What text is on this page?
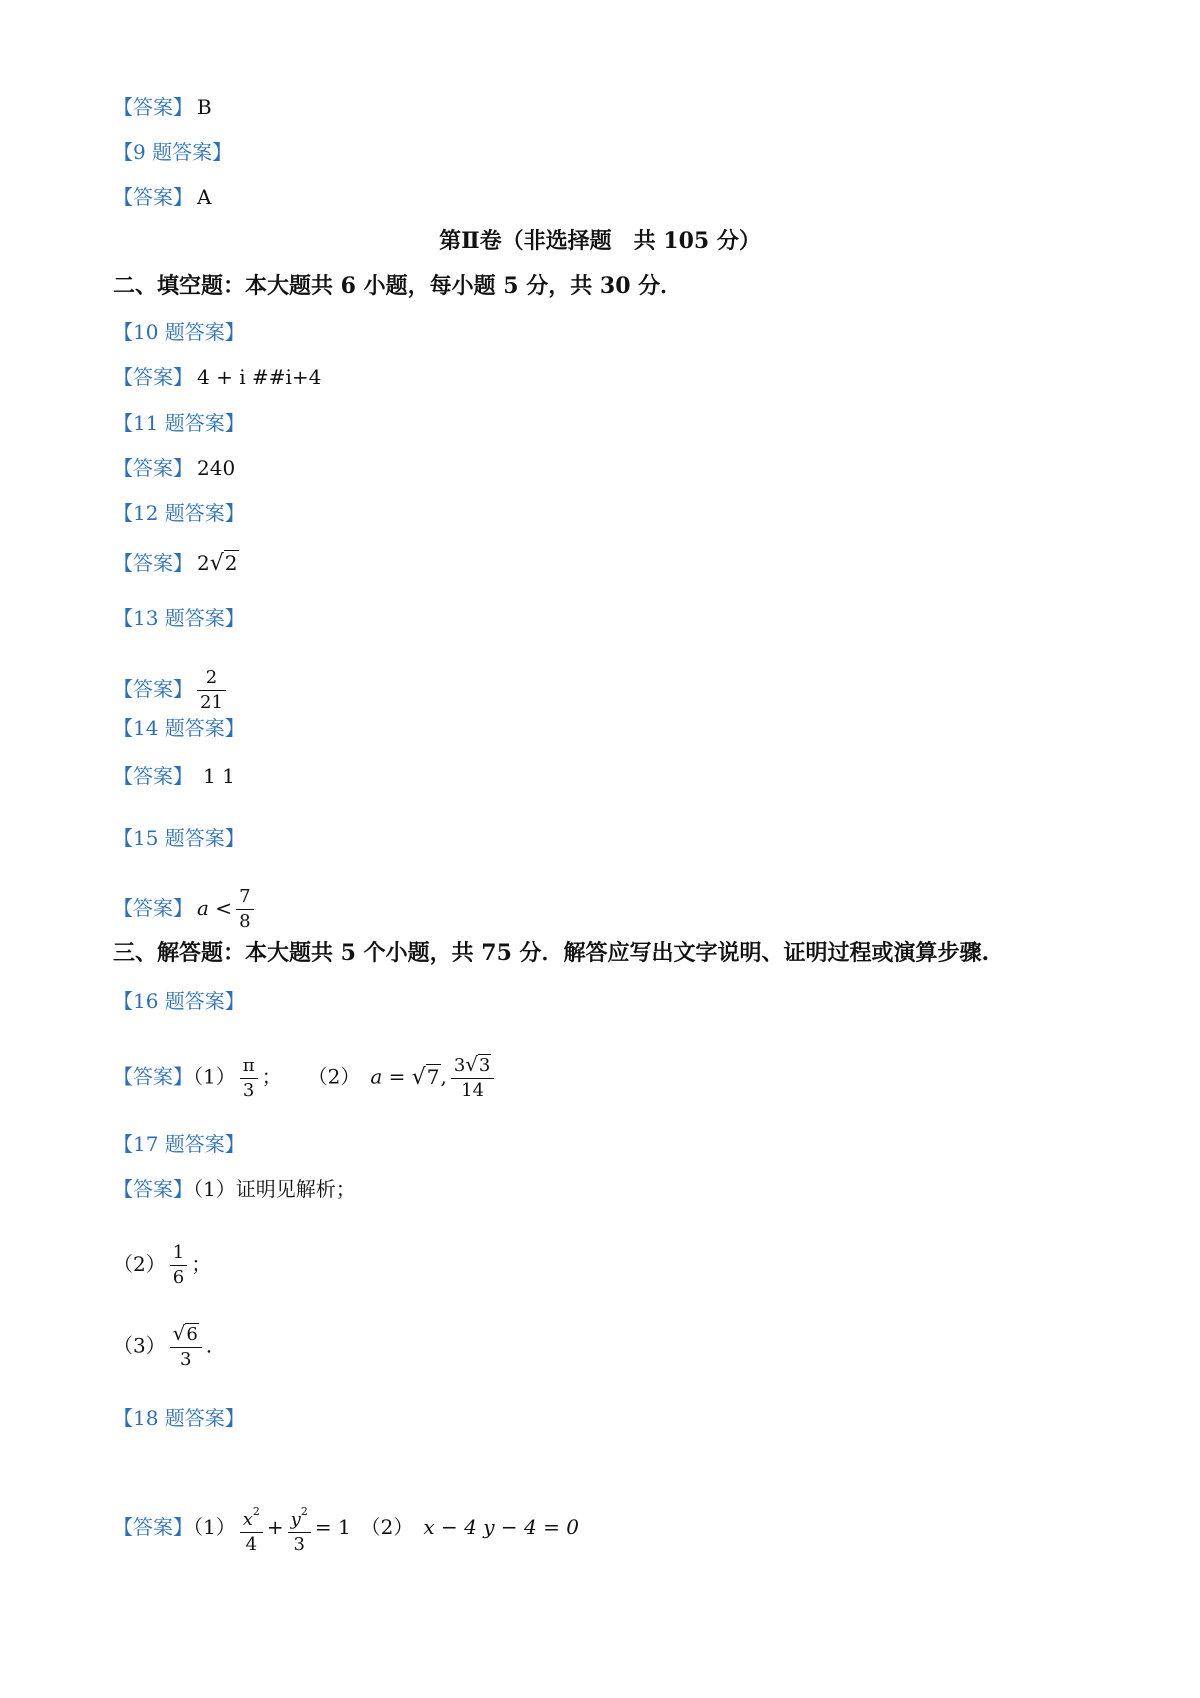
【答案】 B
【9 题答案】
【答案】 A
第Ⅱ卷（非选择题　共 105 分）
二、填空题：本大题共 6 小题，每小题 5 分，共 30 分．
【10 题答案】
【答案】 4 + i ##i+4
【11 题答案】
【答案】 240
【12 题答案】
【答案】 2√2
【13 题答案】
【答案】 $\frac{2}{21}$
【14 题答案】
【答案】 1 1
【15 题答案】
【答案】 $a < \frac{7}{8}$
三、解答题：本大题共 5 个小题，共 75 分．解答应写出文字说明、证明过程或演算步骤.
【16 题答案】
【答案】$(1) \frac{\pi}{3}$ ； （2） a = √7, $\frac{3√3}{14}$
【17 题答案】
【答案】（1）证明见解析；
$(2) \frac{1}{6}$ ；
$(3) \frac{√6}{3}$ .
【18 题答案】
【答案】$(1) \frac{x^2}{4} + \frac{y^2}{3} = 1$ （2） x − 4 y − 4 = 0
